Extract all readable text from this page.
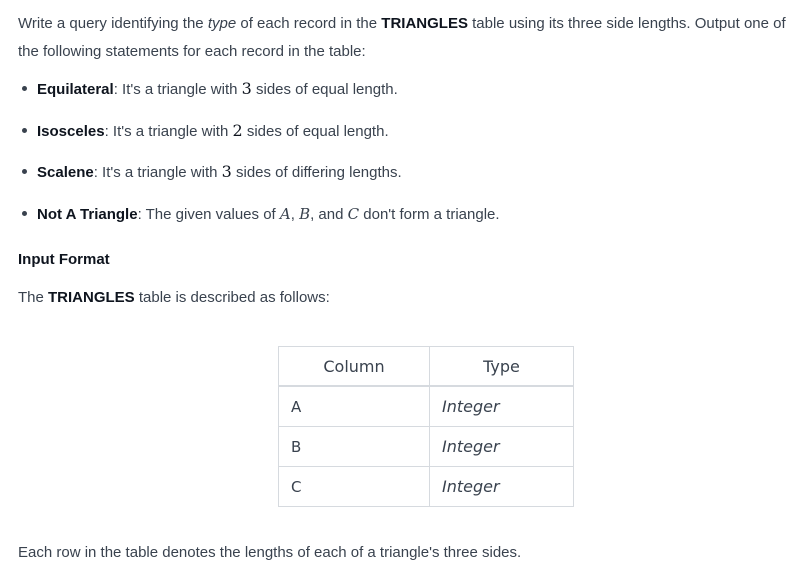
Write a query identifying the type of each record in the TRIANGLES table using its three side lengths. Output one of the following statements for each record in the table:

Equilateral: It's a triangle with 3 sides of equal length.
Isosceles: It's a triangle with 2 sides of equal length.
Scalene: It's a triangle with 3 sides of differing lengths.
Not A Triangle: The given values of A, B, and C don't form a triangle.
Input Format
The TRIANGLES table is described as follows:
Column	Type
A	Integer
B	Integer
C	Integer
Each row in the table denotes the lengths of each of a triangle's three sides.
